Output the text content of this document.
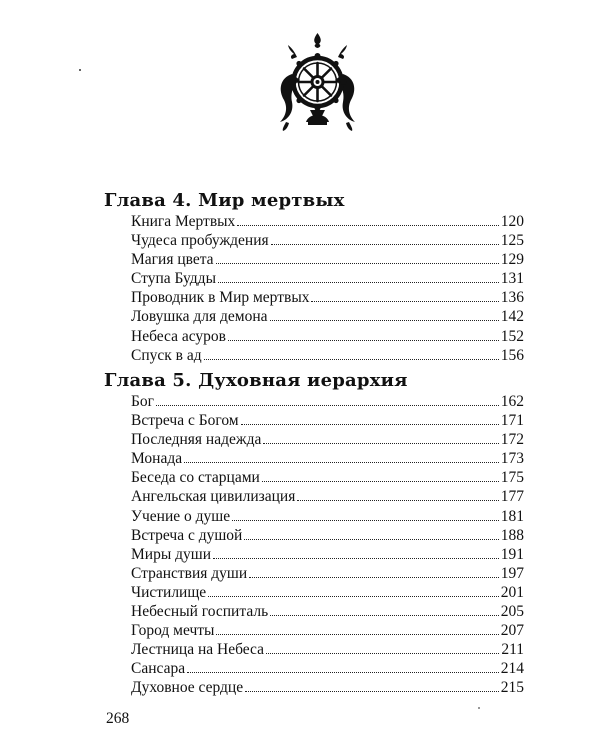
Глава 4. Мир мертвых
Книга Мертвых	120
Чудеса пробуждения	125
Магия цвета	129
Ступа Будды	131
Проводник в Мир мертвых	136
Ловушка для демона	142
Небеса асуров	152
Спуск в ад	156
Глава 5. Духовная иерархия
Бог	162
Встреча с Богом	171
Последняя надежда	172
Монада	173
Беседа со старцами	175
Ангельская цивилизация	177
Учение о душе	181
Встреча с душой	188
Миры души	191
Странствия души	197
Чистилище	201
Небесный госпиталь	205
Город мечты	207
Лестница на Небеса	211
Сансара	214
Духовное сердце	215
268
